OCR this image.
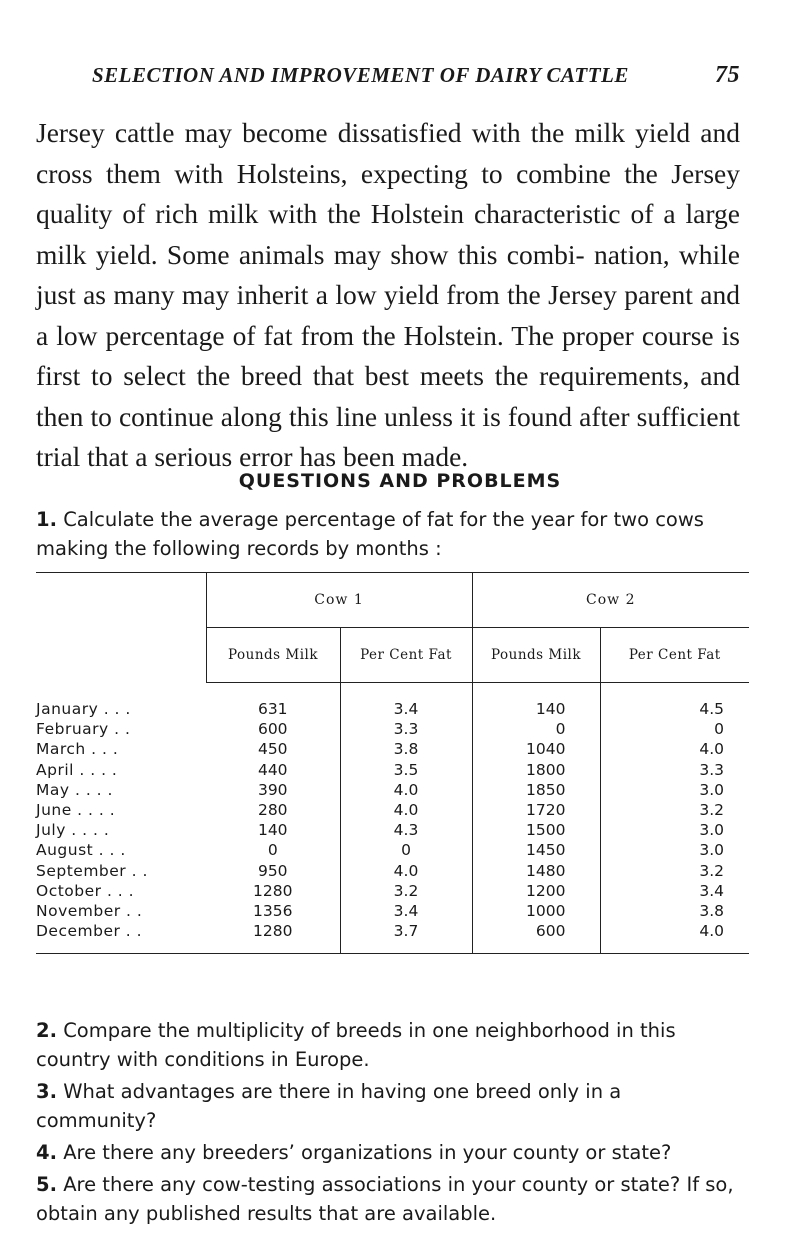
SELECTION AND IMPROVEMENT OF DAIRY CATTLE	75

Jersey cattle may become dissatisfied with the milk yield and cross them with Holsteins, expecting to combine the Jersey quality of rich milk with the Holstein characteristic of a large milk yield. Some animals may show this combi- nation, while just as many may inherit a low yield from the Jersey parent and a low percentage of fat from the Holstein. The proper course is first to select the breed that best meets the requirements, and then to continue along this line unless it is found after sufficient trial that a serious error has been made.

QUESTIONS AND PROBLEMS

1. Calculate the average percentage of fat for the year for two cows making the following records by months :

	Cow 1		Cow 2	
	Pounds Milk	Per Cent Fat	Pounds Milk	Per Cent Fat
January . . .	631	3.4	140	4.5
February . .	600	3.3	0	0
March . . .	450	3.8	1040	4.0
April . . . .	440	3.5	1800	3.3
May . . . .	390	4.0	1850	3.0
June . . . .	280	4.0	1720	3.2
July . . . .	140	4.3	1500	3.0
August . . .	0	0	1450	3.0
September . .	950	4.0	1480	3.2
October . . .	1280	3.2	1200	3.4
November . .	1356	3.4	1000	3.8
December . .	1280	3.7	600	4.0

2. Compare the multiplicity of breeds in one neighborhood in this country with conditions in Europe.

3. What advantages are there in having one breed only in a community?

4. Are there any breeders’ organizations in your county or state?

5. Are there any cow-testing associations in your county or state? If so, obtain any published results that are available.
